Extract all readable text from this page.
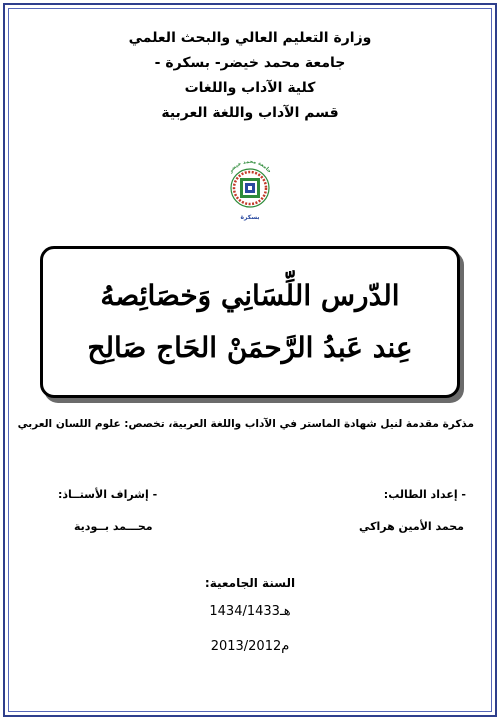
وزارة التعليم العالي والبحث العلمي
جامعة محمد خيضر- بسكرة -
كلية الآداب واللغات
قسم الآداب واللغة العربية
جامعة محمد خيضر
بسكرة
الدّرس اللِّسَانِي وَخصَائِصهُ
عِند عَبدُ الرَّحمَنْ الحَاج صَالِح
مذكرة مقدمة لنيل شهادة الماستر في الآداب واللغة العربية، تخصص: علوم اللسان العربي
- إعداد الطالب:
محمد الأمين هراكي
- إشراف الأستــاذ:
محـــمد بــودية
السنة الجامعية:
1434/1433هـ
2013/2012م
